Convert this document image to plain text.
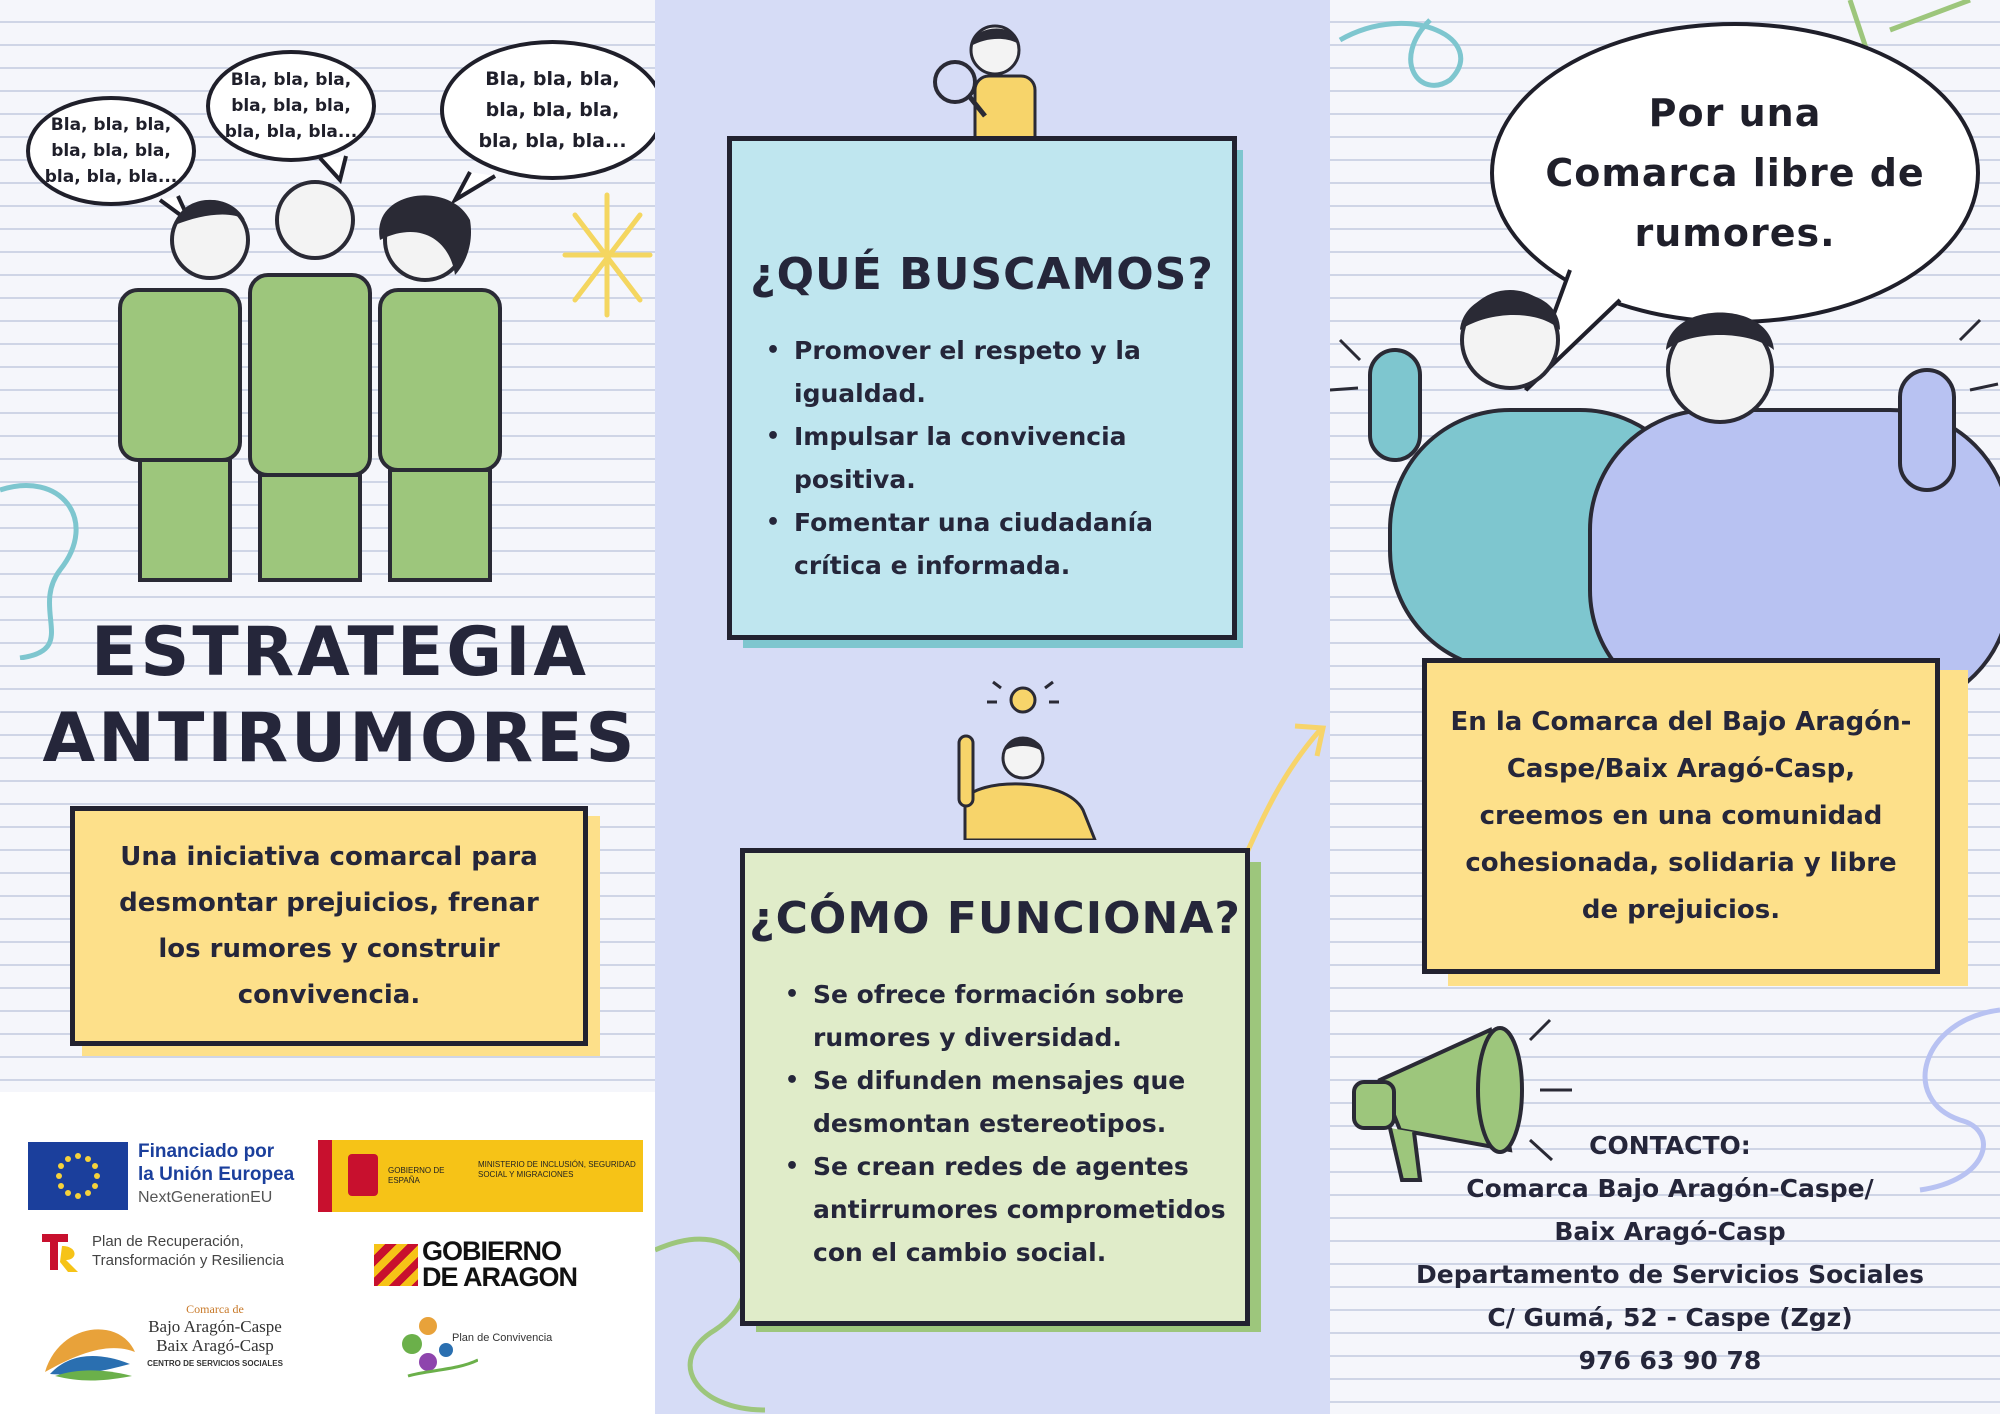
Bla, bla, bla,
bla, bla, bla,
bla, bla, bla...
Bla, bla, bla,
bla, bla, bla,
bla, bla, bla...
Bla, bla, bla,
bla, bla, bla,
bla, bla, bla...
ESTRATEGIA
ANTIRUMORES

Una iniciativa comarcal para desmontar prejuicios, frenar los rumores y construir convivencia.

Financiado por
la Unión Europea
NextGenerationEU
GOBIERNO DE ESPAÑA
MINISTERIO DE INCLUSIÓN, SEGURIDAD SOCIAL Y MIGRACIONES
Plan de Recuperación,
Transformación y Resiliencia	GOBIERNO
DE ARAGON
Comarca de
Bajo Aragón-Caspe
Baix Aragó-Casp
CENTRO DE SERVICIOS SOCIALES
Plan de Convivencia
¿QUÉ BUSCAMOS?
• Promover el respeto y la igualdad.
• Impulsar la convivencia positiva.
• Fomentar una ciudadanía crítica e informada.
¿CÓMO FUNCIONA?
• Se ofrece formación sobre rumores y diversidad.
• Se difunden mensajes que desmontan estereotipos.
• Se crean redes de agentes antirrumores comprometidos con el cambio social.
Por una Comarca libre de rumores.

En la Comarca del Bajo Aragón-Caspe/Baix Aragó-Casp, creemos en una comunidad cohesionada, solidaria y libre de prejuicios.

CONTACTO:
Comarca Bajo Aragón-Caspe/
Baix Aragó-Casp
Departamento de Servicios Sociales
C/ Gumá, 52 - Caspe (Zgz)
976 63 90 78
